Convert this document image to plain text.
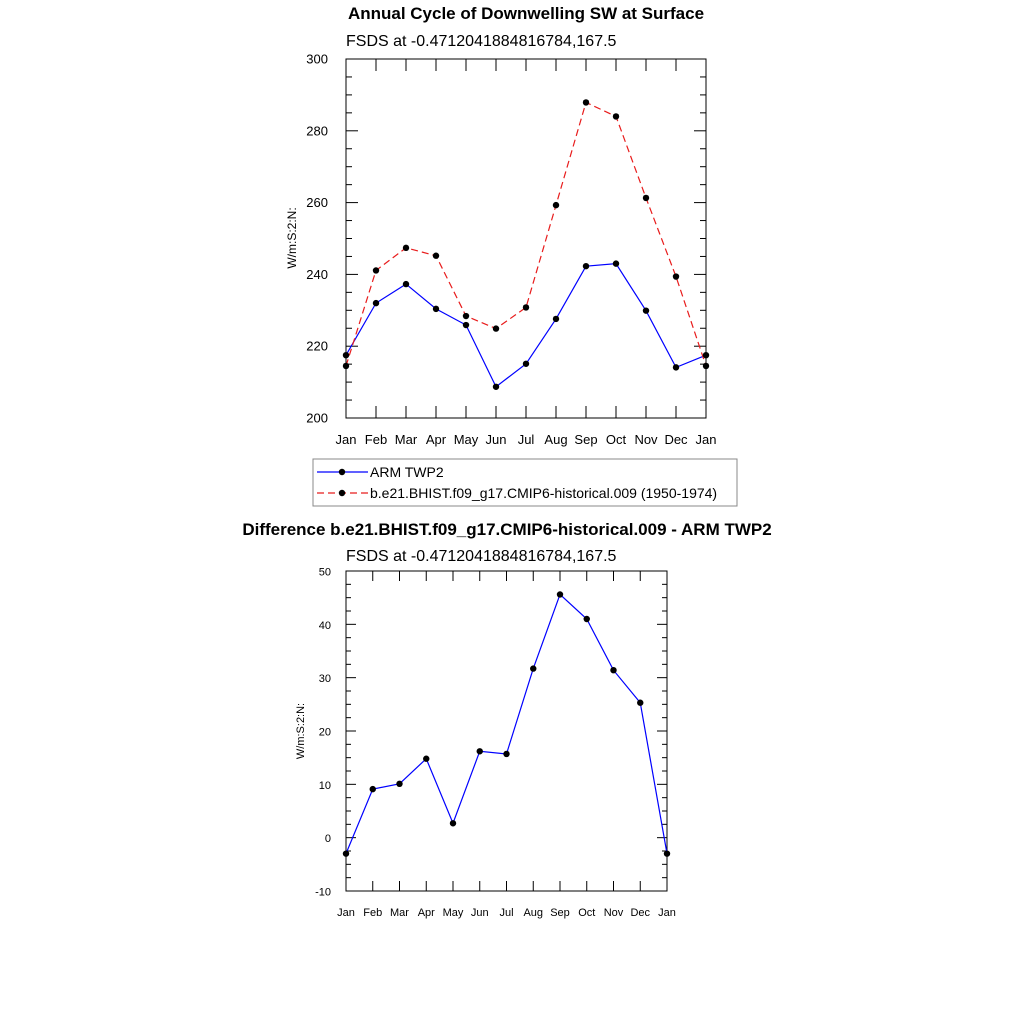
Annual Cycle of Downwelling SW at Surface
FSDS at -0.4712041884816784,167.5
W/m:S:2:N:
Jan Feb Mar Apr May Jun Jul Aug Sep Oct Nov Dec Jan
200
220
240
260
280
300
ARM TWP2
b.e21.BHIST.f09_g17.CMIP6-historical.009 (1950-1974)
Difference b.e21.BHIST.f09_g17.CMIP6-historical.009 - ARM TWP2
FSDS at -0.4712041884816784,167.5
W/m:S:2:N:
Jan Feb Mar Apr May Jun Jul Aug Sep Oct Nov Dec Jan
-10
0
10
20
30
40
50
